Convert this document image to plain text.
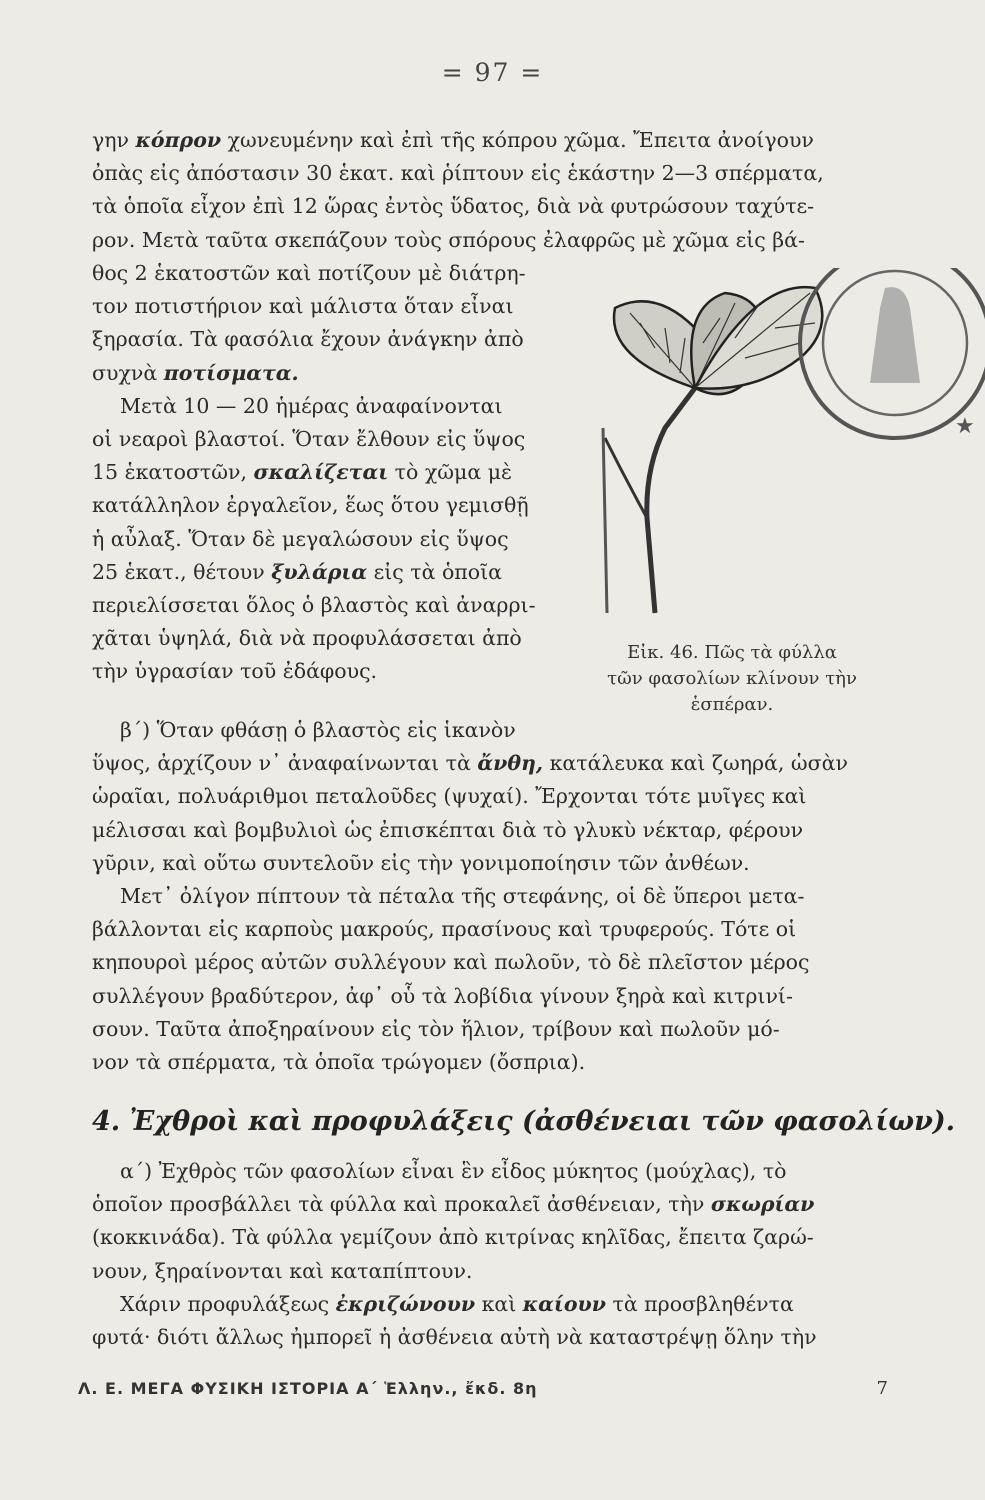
= 97 =
γην κόπρον χωνευμένην καὶ ἐπὶ τῆς κόπρου χῶμα. Ἔπειτα ἀνοίγουν
ὀπὰς εἰς ἀπόστασιν 30 ἑκατ. καὶ ῥίπτουν εἰς ἑκάστην 2—3 σπέρματα,
τὰ ὁποῖα εἶχον ἐπὶ 12 ὥρας ἐντὸς ὕδατος, διὰ νὰ φυτρώσουν ταχύτε-
ρον. Μετὰ ταῦτα σκεπάζουν τοὺς σπόρους ἐλαφρῶς μὲ χῶμα εἰς βά-
θος 2 ἑκατοστῶν καὶ ποτίζουν μὲ διάτρη-
τον ποτιστήριον καὶ μάλιστα ὅταν εἶναι
ξηρασία. Τὰ φασόλια ἔχουν ἀνάγκην ἀπὸ
συχνὰ ποτίσματα.
Μετὰ 10 — 20 ἡμέρας ἀναφαίνονται
οἱ νεαροὶ βλαστοί. Ὅταν ἔλθουν εἰς ὕψος
15 ἑκατοστῶν, σκαλίζεται τὸ χῶμα μὲ
κατάλληλον ἐργαλεῖον, ἕως ὅτου γεμισθῇ
ἡ αὖλαξ. Ὅταν δὲ μεγαλώσουν εἰς ὕψος
25 ἑκατ., θέτουν ξυλάρια εἰς τὰ ὁποῖα
περιελίσσεται ὅλος ὁ βλαστὸς καὶ ἀναρρι-
χᾶται ὑψηλά, διὰ νὰ προφυλάσσεται ἀπὸ
τὴν ὑγρασίαν τοῦ ἐδάφους.
★
Εἰκ. 46. Πῶς τὰ φύλλα
τῶν φασολίων κλίνουν τὴν
ἑσπέραν.
β΄) Ὅταν φθάσῃ ὁ βλαστὸς εἰς ἱκανὸν
ὕψος, ἀρχίζουν ν᾽ ἀναφαίνωνται τὰ ἄνθη, κατάλευκα καὶ ζωηρά, ὡσὰν
ὡραῖαι, πολυάριθμοι πεταλοῦδες (ψυχαί). Ἔρχονται τότε μυῖγες καὶ
μέλισσαι καὶ βομβυλιοὶ ὡς ἐπισκέπται διὰ τὸ γλυκὺ νέκταρ, φέρουν
γῦριν, καὶ οὕτω συντελοῦν εἰς τὴν γονιμοποίησιν τῶν ἀνθέων.
Μετ᾽ ὀλίγον πίπτουν τὰ πέταλα τῆς στεφάνης, οἱ δὲ ὕπεροι μετα-
βάλλονται εἰς καρποὺς μακρούς, πρασίνους καὶ τρυφερούς. Τότε οἱ
κηπουροὶ μέρος αὐτῶν συλλέγουν καὶ πωλοῦν, τὸ δὲ πλεῖστον μέρος
συλλέγουν βραδύτερον, ἀφ᾽ οὗ τὰ λοβίδια γίνουν ξηρὰ καὶ κιτρινί-
σουν. Ταῦτα ἀποξηραίνουν εἰς τὸν ἥλιον, τρίβουν καὶ πωλοῦν μό-
νον τὰ σπέρματα, τὰ ὁποῖα τρώγομεν (ὄσπρια).
4. Ἐχθροὶ καὶ προφυλάξεις (ἀσθένειαι τῶν φασολίων).
α΄) Ἐχθρὸς τῶν φασολίων εἶναι ἓν εἶδος μύκητος (μούχλας), τὸ
ὁποῖον προσβάλλει τὰ φύλλα καὶ προκαλεῖ ἀσθένειαν, τὴν σκωρίαν
(κοκκινάδα). Τὰ φύλλα γεμίζουν ἀπὸ κιτρίνας κηλῖδας, ἔπειτα ζαρώ-
νουν, ξηραίνονται καὶ καταπίπτουν.
Χάριν προφυλάξεως ἐκριζώνουν καὶ καίουν τὰ προσβληθέντα
φυτά· διότι ἄλλως ἠμπορεῖ ἡ ἀσθένεια αὐτὴ νὰ καταστρέψῃ ὅλην τὴν
Λ. Ε. ΜΕΓΑ ΦΥΣΙΚΗ ΙΣΤΟΡΙΑ Α΄ Ἑλλην., ἔκδ. 8η	7
